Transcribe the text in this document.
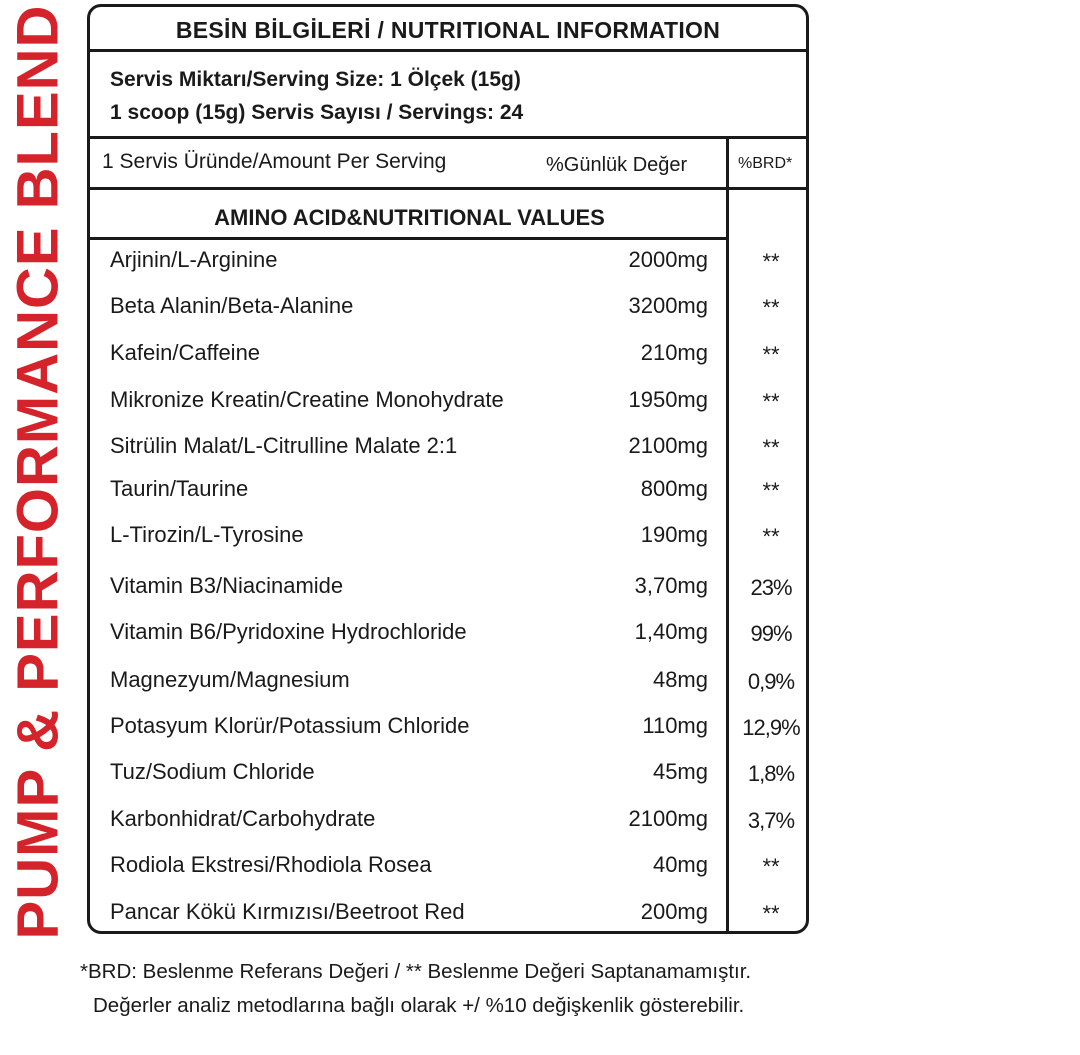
PUMP & PERFORMANCE BLEND	BESİN BİLGİLERİ / NUTRITIONAL INFORMATION
Servis Miktarı/Serving Size: 1 Ölçek (15g)
1 scoop (15g) Servis Sayısı / Servings: 24
1 Servis Üründe/Amount Per Serving	%Günlük Değer	%BRD*
AMINO ACID&NUTRITIONAL VALUES
Arjinin/L-Arginine	2000mg	**
Beta Alanin/Beta-Alanine	3200mg	**
Kafein/Caffeine	210mg	**
Mikronize Kreatin/Creatine Monohydrate	1950mg	**
Sitrülin Malat/L-Citrulline Malate 2:1	2100mg	**
Taurin/Taurine	800mg	**
L-Tirozin/L-Tyrosine	190mg	**
Vitamin B3/Niacinamide	3,70mg	23%
Vitamin B6/Pyridoxine Hydrochloride	1,40mg	99%
Magnezyum/Magnesium	48mg	0,9%
Potasyum Klorür/Potassium Chloride	110mg	12,9%
Tuz/Sodium Chloride	45mg	1,8%
Karbonhidrat/Carbohydrate	2100mg	3,7%
Rodiola Ekstresi/Rhodiola Rosea	40mg	**
Pancar Kökü Kırmızısı/Beetroot Red	200mg	**
*BRD: Beslenme Referans Değeri / ** Beslenme Değeri Saptanamamıştır.
Değerler analiz metodlarına bağlı olarak +/ %10 değişkenlik gösterebilir.
